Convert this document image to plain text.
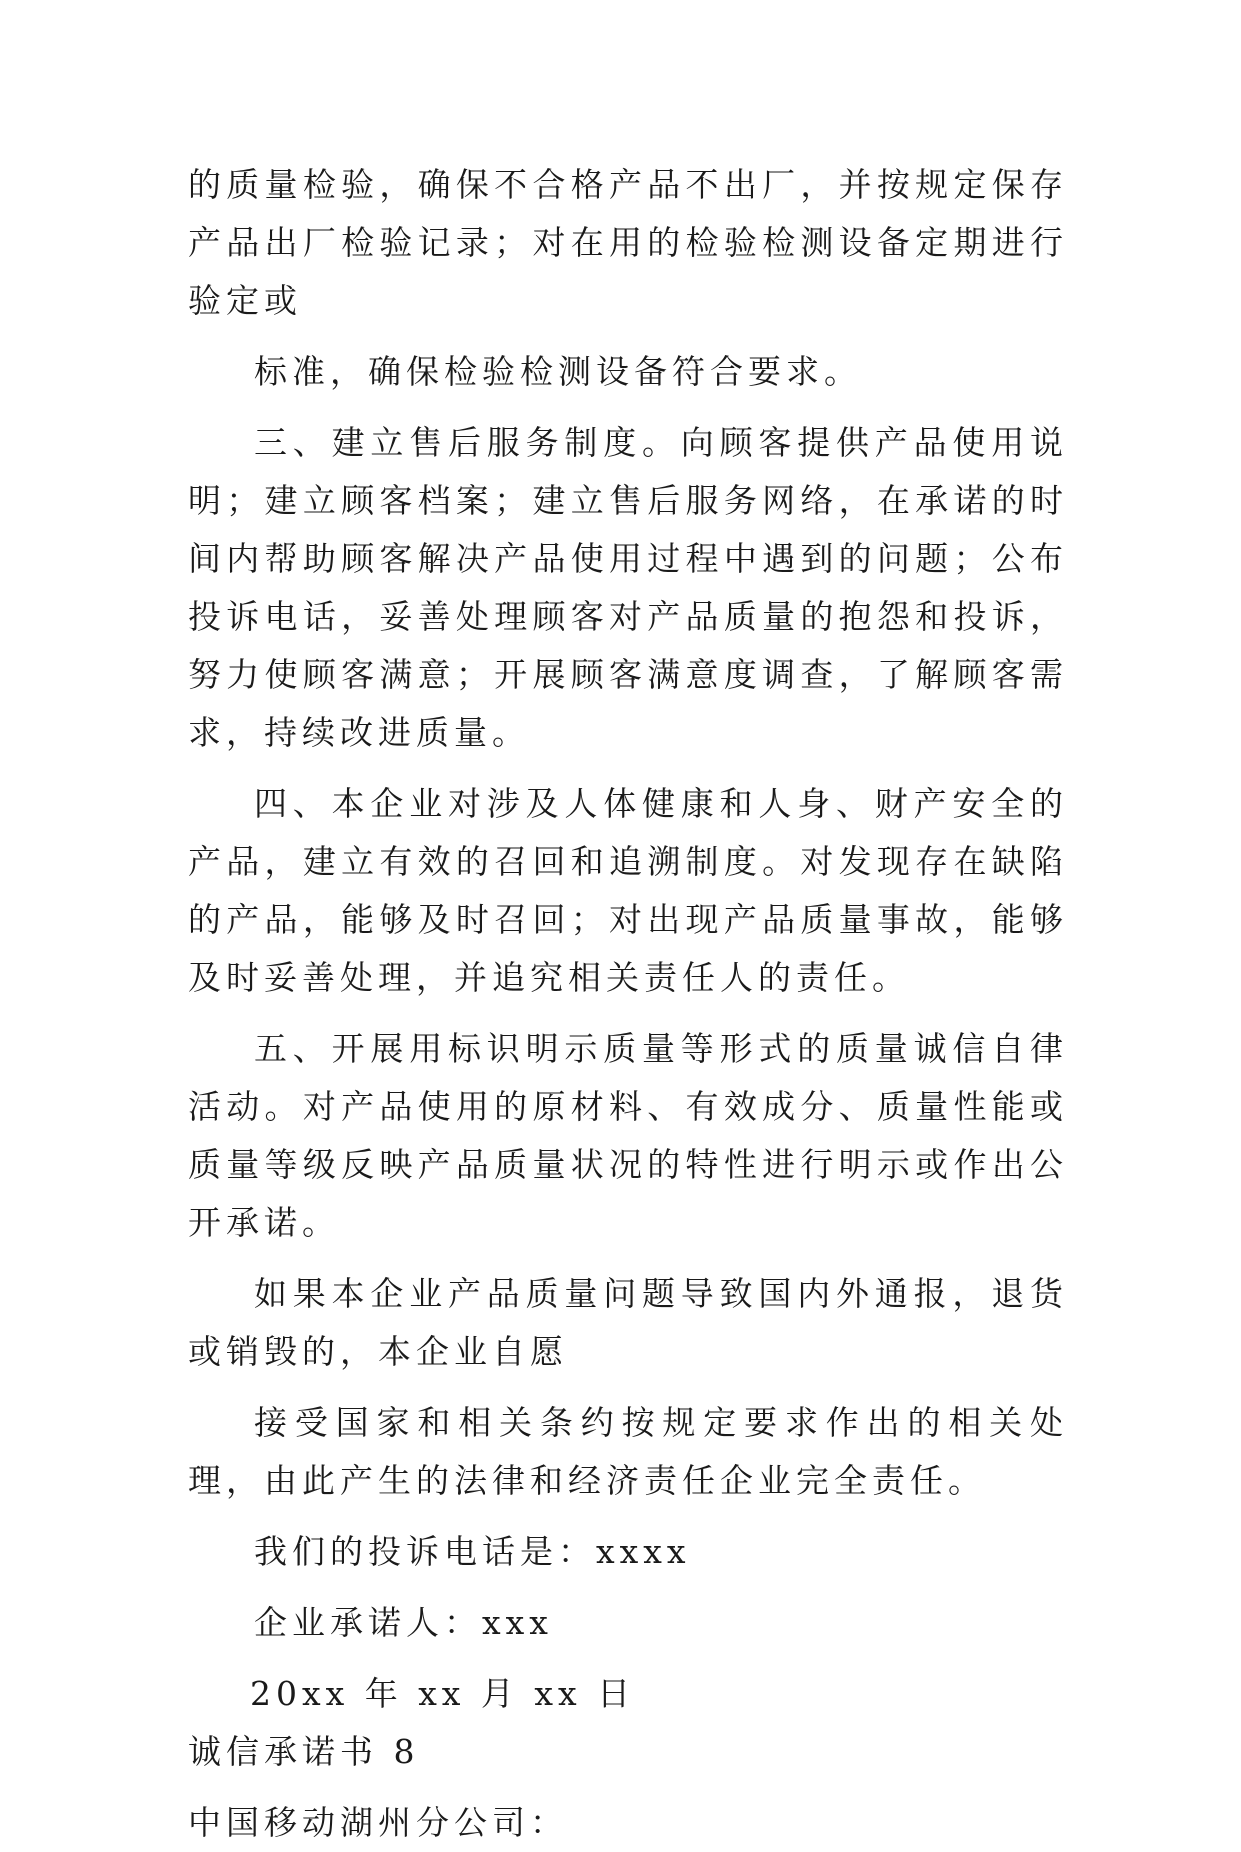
的质量检验，确保不合格产品不出厂，并按规定保存产品出厂检验记录；对在用的检验检测设备定期进行验定或

标准，确保检验检测设备符合要求。

三、建立售后服务制度。向顾客提供产品使用说明；建立顾客档案；建立售后服务网络，在承诺的时间内帮助顾客解决产品使用过程中遇到的问题；公布投诉电话，妥善处理顾客对产品质量的抱怨和投诉，努力使顾客满意；开展顾客满意度调查，了解顾客需求，持续改进质量。

四、本企业对涉及人体健康和人身、财产安全的产品，建立有效的召回和追溯制度。对发现存在缺陷的产品，能够及时召回；对出现产品质量事故，能够及时妥善处理，并追究相关责任人的责任。

五、开展用标识明示质量等形式的质量诚信自律活动。对产品使用的原材料、有效成分、质量性能或质量等级反映产品质量状况的特性进行明示或作出公开承诺。

如果本企业产品质量问题导致国内外通报，退货或销毁的，本企业自愿

接受国家和相关条约按规定要求作出的相关处理，由此产生的法律和经济责任企业完全责任。

我们的投诉电话是：xxxx

企业承诺人：xxx

20xx 年 xx 月 xx 日

诚信承诺书 8

中国移动湖州分公司：
